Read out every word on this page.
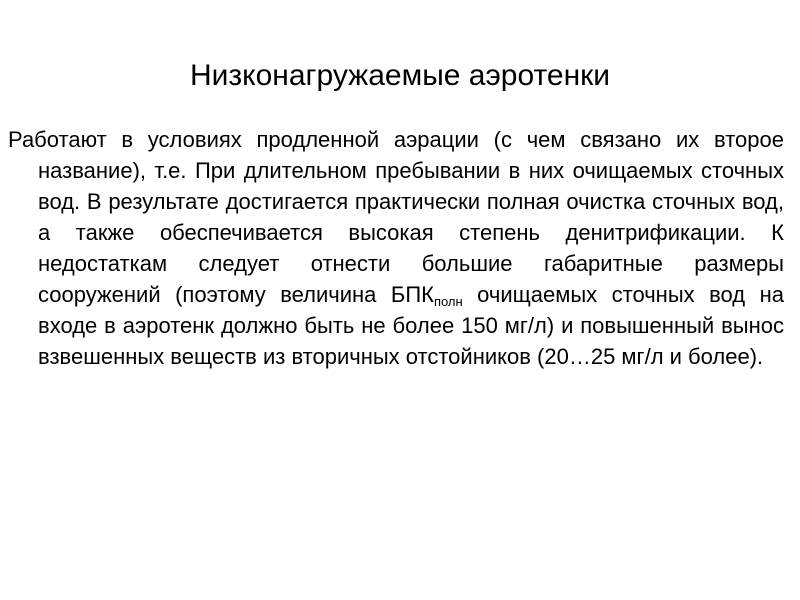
Низконагружаемые аэротенки

Работают в условиях продленной аэрации (с чем связано их второе название), т.е. При длительном пребывании в них очищаемых сточных вод. В результате достигается практически полная очистка сточных вод, а также обеспечивается высокая степень денитрификации. К недостаткам следует отнести большие габаритные размеры сооружений (поэтому величина $БПК_{полн}$ очищаемых сточных вод на входе в аэротенк должно быть не более 150 мг/л) и повышенный вынос взвешенных веществ из вторичных отстойников (20…25 мг/л и более).
